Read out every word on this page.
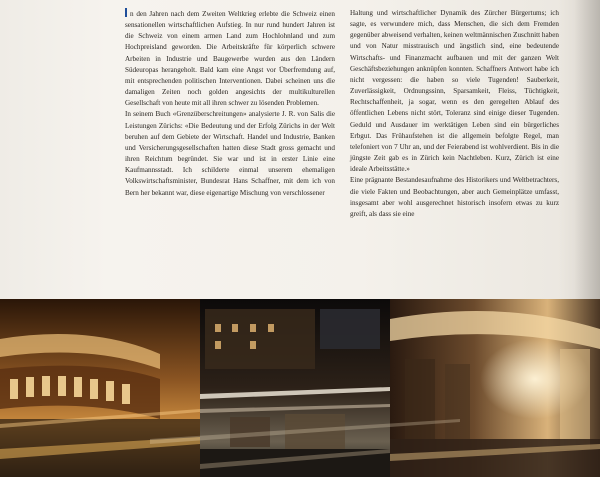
n den Jahren nach dem Zweiten Weltkrieg erlebte die Schweiz einen sensationellen wirtschaftlichen Aufstieg. In nur rund hundert Jahren ist die Schweiz von einem armen Land zum Hochlohnland und zum Hochpreisland geworden. Die Arbeitskräfte für körperlich schwere Arbeiten in Industrie und Baugewerbe wurden aus den Ländern Südeuropas herangeholt. Bald kam eine Angst vor Überfremdung auf, mit entsprechenden politischen Interventionen. Dabei scheinen uns die damaligen Zeiten noch golden angesichts der multikulturellen Gesellschaft von heute mit all ihren schwer zu lösenden Problemen.

In seinem Buch «Grenzüberschreitungen» analysierte J. R. von Salis die Leistungen Zürichs: «Die Bedeutung und der Erfolg Zürichs in der Welt beruhen auf dem Gebiete der Wirtschaft. Handel und Industrie, Banken und Versicherungsgesellschaften hatten diese Stadt gross gemacht und ihren Reichtum begründet. Sie war und ist in erster Linie eine Kaufmannsstadt. Ich schilderte einmal unserem ehemaligen Volkswirtschaftsminister, Bundesrat Hans Schaffner, mit dem ich von Bern her bekannt war, diese eigenartige Mischung von verschlossener

Haltung und wirtschaftlicher Dynamik des Zürcher Bürgertums; ich sagte, es verwundere mich, dass Menschen, die sich dem Fremden gegenüber abweisend verhalten, keinen weltmännischen Zuschnitt haben und von Natur misstrauisch und ängstlich sind, eine bedeutende Wirtschafts- und Finanzmacht aufbauen und mit der ganzen Welt Geschäftsbeziehungen anknüpfen konnten. Schaffners Antwort habe ich nicht vergessen: die haben so viele Tugenden! Sauberkeit, Zuverlässigkeit, Ordnungssinn, Sparsamkeit, Fleiss, Tüchtigkeit, Rechtschaffenheit, ja sogar, wenn es den geregelten Ablauf des öffentlichen Lebens nicht stört, Toleranz sind einige dieser Tugenden. Geduld und Ausdauer im werktätigen Leben sind ein bürgerliches Erbgut. Das Frühaufstehen ist die allgemein befolgte Regel, man telefoniert von 7 Uhr an, und der Feierabend ist wohlverdient. Bis in die jüngste Zeit gab es in Zürich kein Nachtleben. Kurz, Zürich ist eine ideale Arbeitsstätte.»

Eine prägnante Bestandesaufnahme des Historikers und Weltbetrachters, die viele Fakten und Beobachtungen, aber auch Gemeinplätze umfasst, insgesamt aber wohl ausgerechnet historisch insofern etwas zu kurz greift, als dass sie eine
